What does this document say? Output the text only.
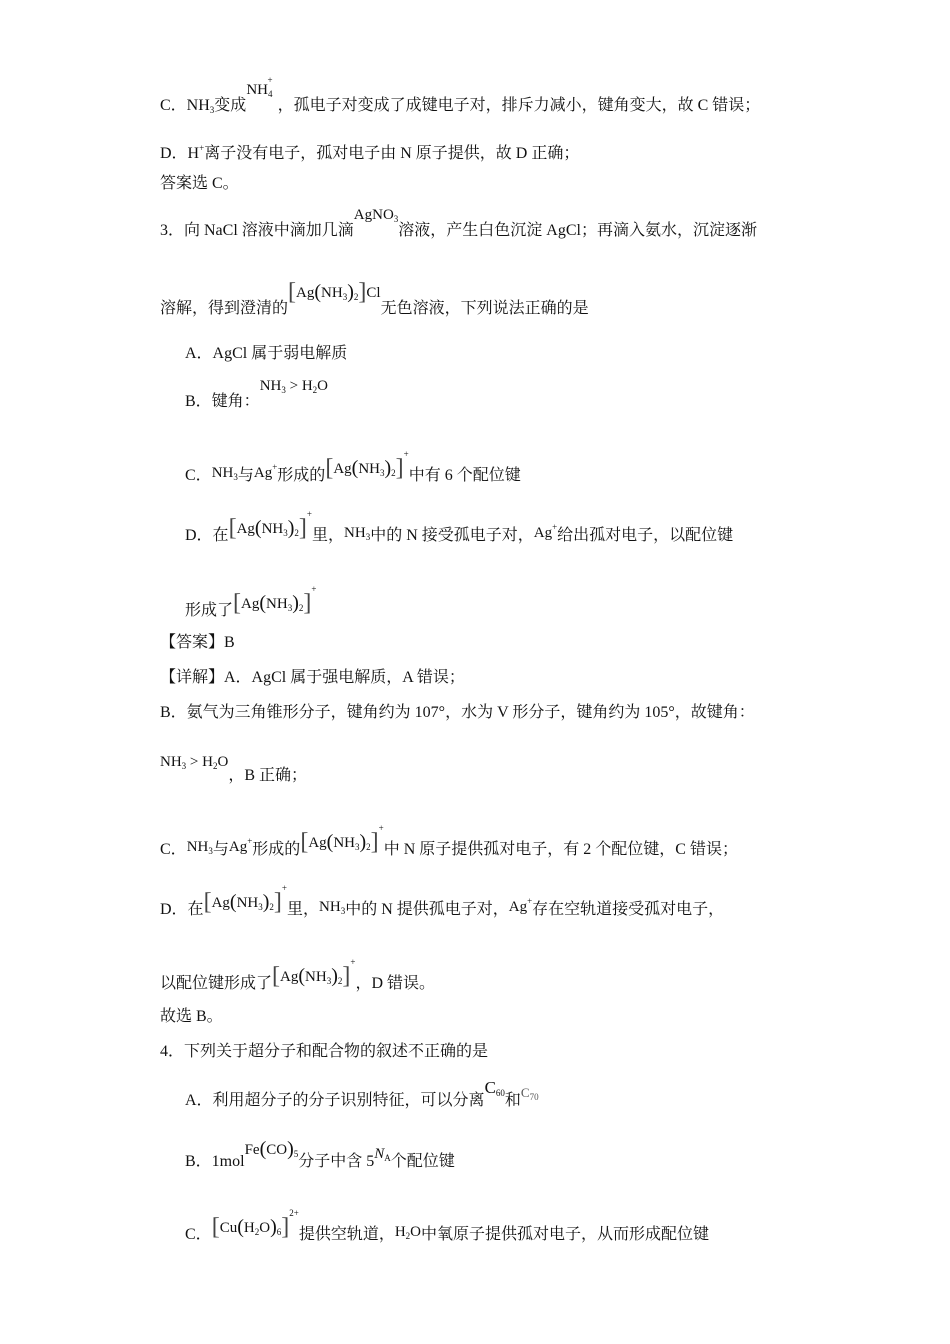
C．$NH_3$变成$NH_4^+$，孤电子对变成了成键电子对，排斥力减小，键角变大，故 C 错误；
D．H+离子没有电子，孤对电子由 N 原子提供，故 D 正确；
答案选 C。
3．向 NaCl 溶液中滴加几滴AgNO$_3$溶液，产生白色沉淀 AgCl；再滴入氨水，沉淀逐渐
溶解，得到澄清的$[Ag(NH_3)_2]Cl$无色溶液，下列说法正确的是
A．AgCl 属于弱电解质
B．键角：$NH_3 > H_2O$
C．$NH_3$与Ag+形成的$[Ag(NH_3)_2]^+$中有 6 个配位键
D．在$[Ag(NH_3)_2]^+$里，$NH_3$中的 N 接受孤电子对，Ag+给出孤对电子，以配位键
形成了$[Ag(NH_3)_2]^+$
【答案】B
【详解】A．AgCl 属于强电解质，A 错误；
B．氨气为三角锥形分子，键角约为 107°，水为 V 形分子，键角约为 105°，故键角：
$NH_3 > H_2O$，B 正确；
C．$NH_3$与Ag+形成的$[Ag(NH_3)_2]^+$中 N 原子提供孤对电子，有 2 个配位键，C 错误；
D．在$[Ag(NH_3)_2]^+$里，$NH_3$中的 N 提供孤电子对，Ag+存在空轨道接受孤对电子，
以配位键形成了$[Ag(NH_3)_2]^+$，D 错误。
故选 B。
4．下列关于超分子和配合物的叙述不正确的是
A．利用超分子的分子识别特征，可以分离$C_{60}$和$C_{70}$
B．$1molFe(CO)_5$分子中含 $5N_A$个配位键
C．$[Cu(H_2O)_6]^{2+}$提供空轨道，$H_2O$中氧原子提供孤对电子，从而形成配位键
